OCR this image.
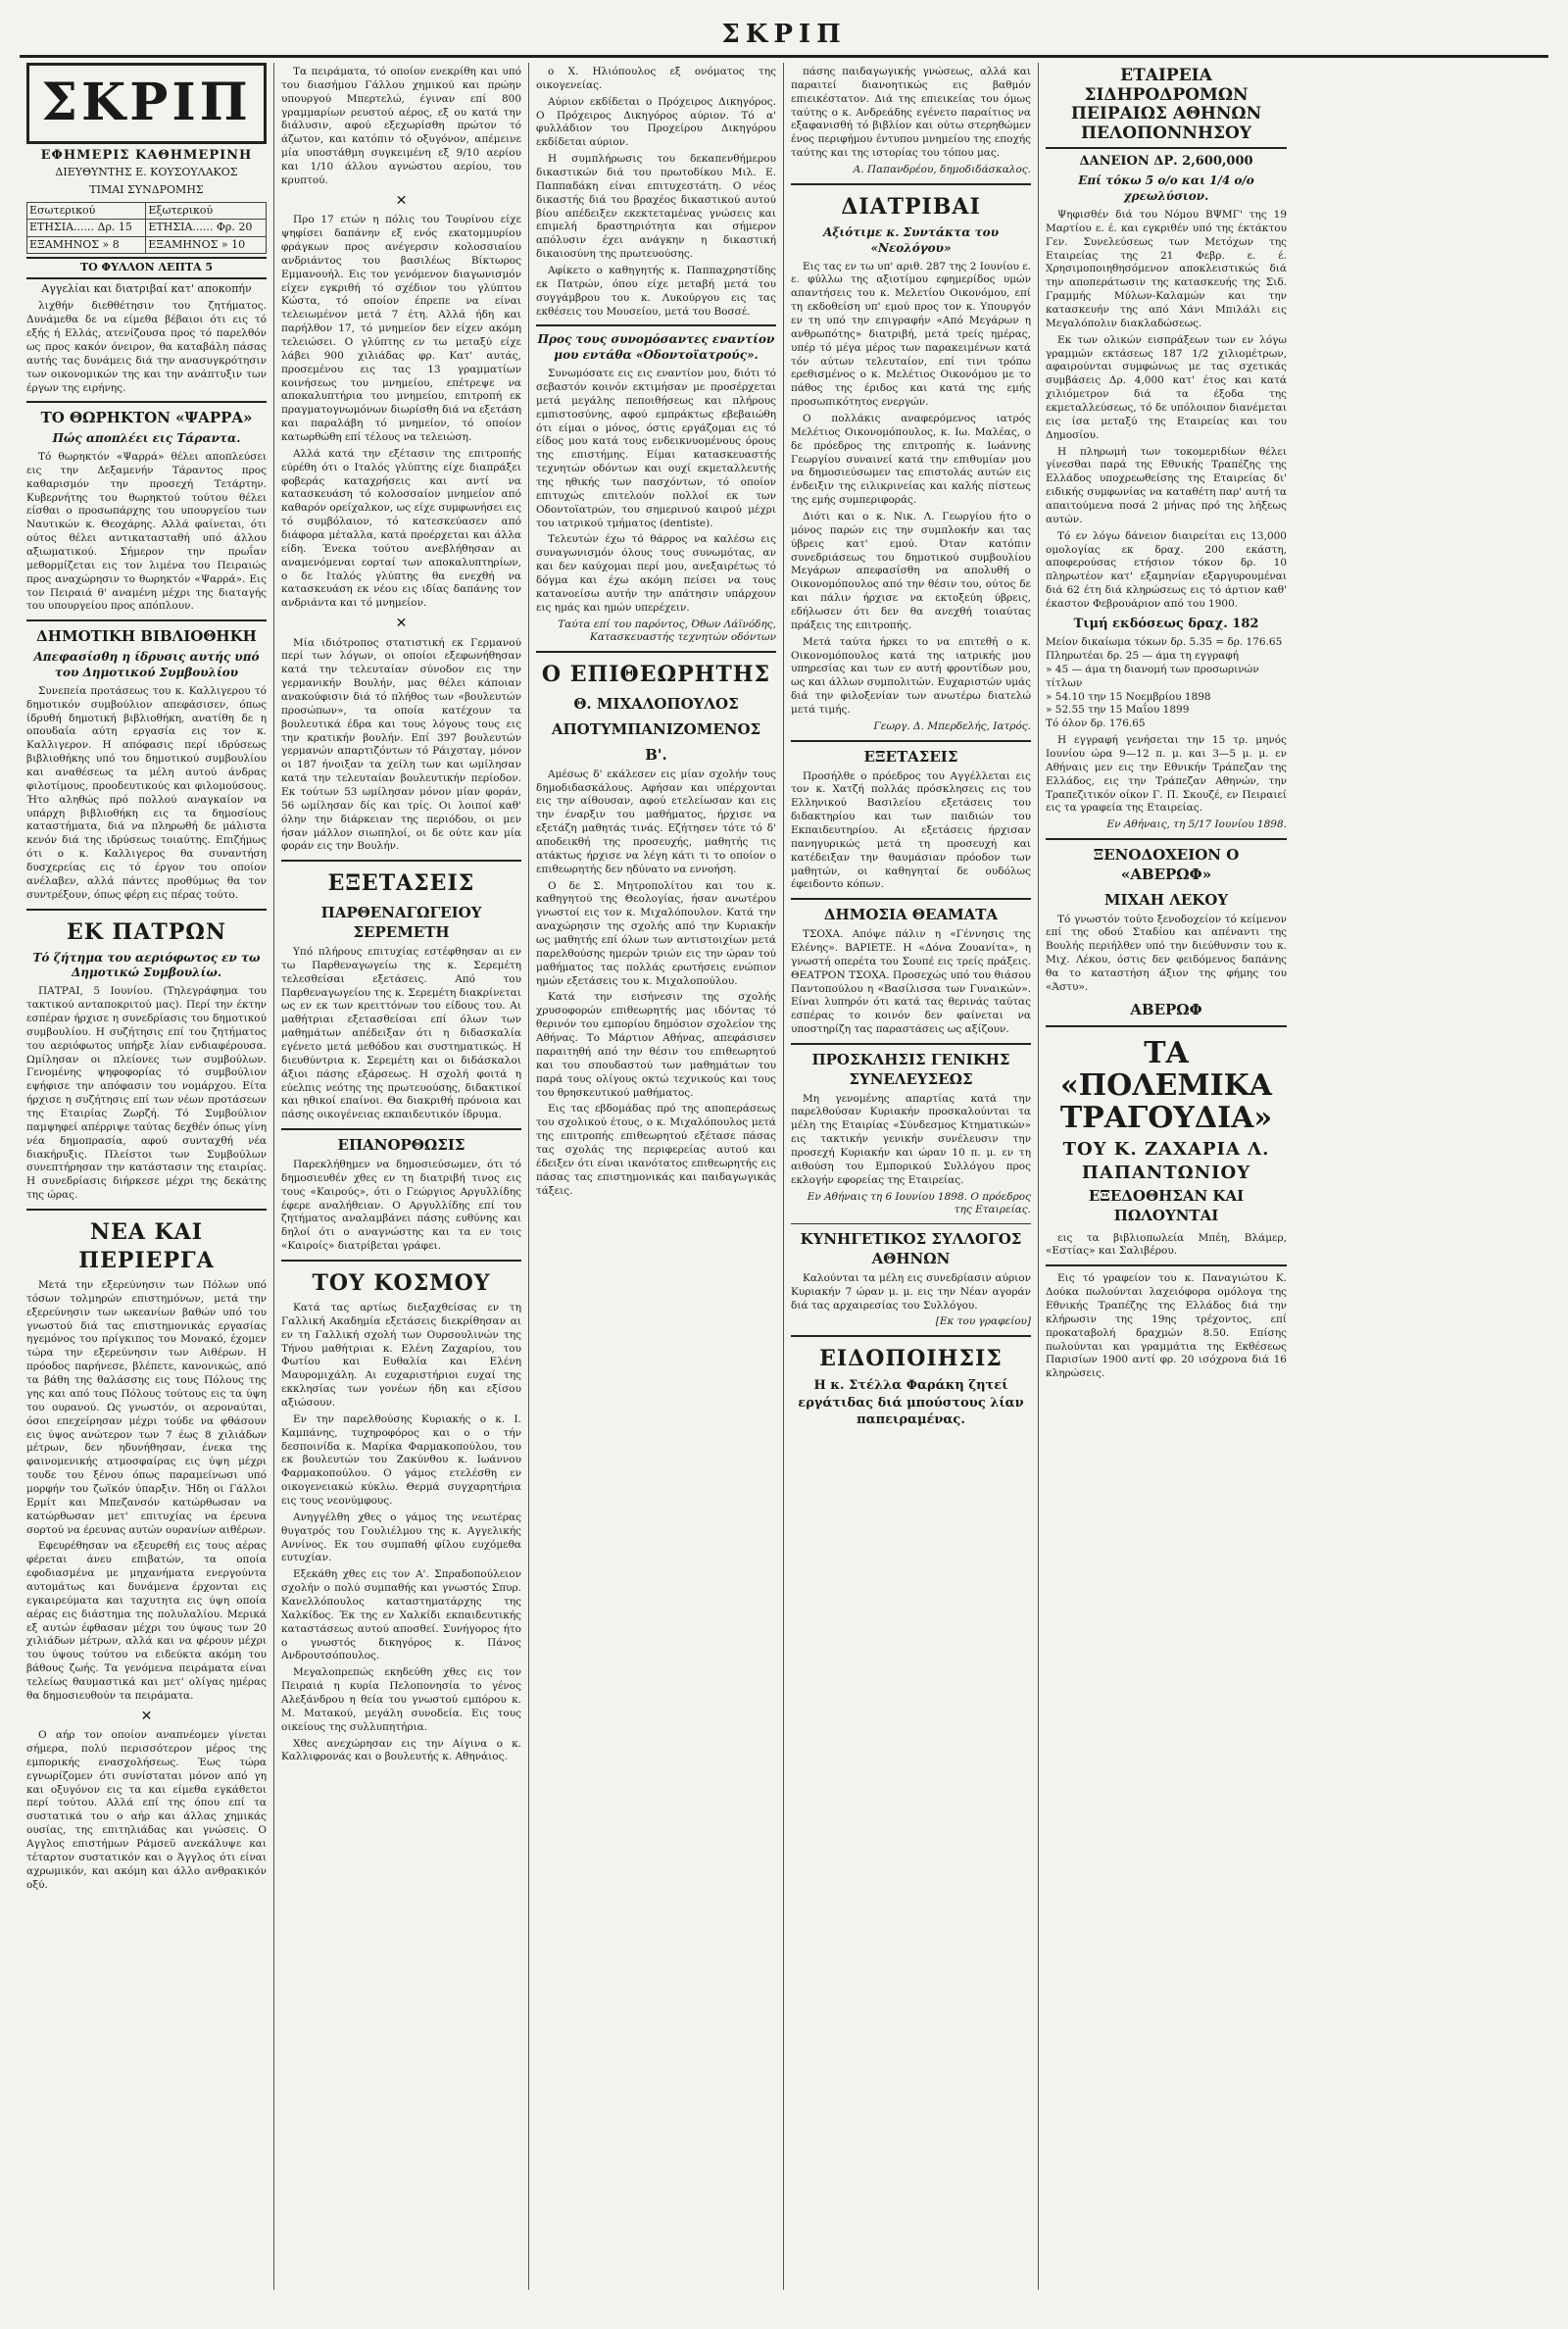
ΣΚΡΙΠ
ΣΚΡΙΠ
ΕΦΗΜΕΡΙΣ ΚΑΘΗΜΕΡΙΝΗ
ΔΙΕΥΘΥΝΤΗΣ Ε. ΚΟΥΣΟΥΛΑΚΟΣ
ΤΙΜΑΙ ΣΥΝΔΡΟΜΗΣ
Εσωτερικού	Εξωτερικού
ΕΤΗΣΙΑ...... Δρ. 15	ΕΤΗΣΙΑ...... Φρ. 20
ΕΞΑΜΗΝΟΣ » 8	ΕΞΑΜΗΝΟΣ » 10
ΤΟ ΦΥΛΛΟΝ ΛΕΠΤΑ 5
Αγγελίαι και διατριβαί κατ' αποκοπήν

λιχθήν διεθθέτησιν του ζητήματος. Δυνάμεθα δε να είμεθα βέβαιοι ότι εις τό εξής ή Ελλάς, ατενίζουσα προς τό παρελθόν ως προς κακόν όνειρον, θα καταβάλη πάσας αυτής τας δυνάμεις διά την ανασυγκρότησιν των οικονομικών της και την ανάπτυξιν των έργων της ειρήνης.

ΤΟ ΘΩΡΗΚΤΟΝ «ΨΑΡΡΑ»
Πώς απoπλέει εις Τάραντα.

Τό θωρηκτόν «Ψαρρά» θέλει αποπλεύσει εις την Δεξαμενήν Τάραντος προς καθαρισμόν την προσεχή Τετάρτην. Κυβερνήτης του θωρηκτού τούτου θέλει είσθαι ο προσωπάρχης του υπουργείου των Ναυτικών κ. Θεοχάρης. Αλλά φαίνεται, ότι ούτος θέλει αντικατασταθή υπό άλλου αξιωματικού. Σήμερον την πρωΐαν μεθορμίζεται εις τον λιμένα του Πειραιώς προς αναχώρησιν το θωρηκτόν «Ψαρρά». Εις τον Πειραιά θ' αναμένη μέχρι της διαταγής του υπουργείου προς απόπλουν.

ΔΗΜΟΤΙΚΗ ΒΙΒΛΙΟΘΗΚΗ
Απεφασίσθη η ίδρυσις αυτής υπό του Δημοτικού Συμβουλίου

Συνεπεία προτάσεως του κ. Καλλιγερου τό δημοτικόν συμβούλιον απεφάσισεν, όπως ίδρυθή δημοτική βιβλιοθήκη, ανατίθη δε η οπουδαία αύτη εργασία εις τον κ. Καλλιγερον. Η απόφασις περί ιδρύσεως βιβλιοθήκης υπό του δημοτικού συμβουλίου και αναθέσεως τα μέλη αυτού άνδρας φιλοτίμους, προοδευτικούς και φιλομούσους. Ήτο αληθώς πρό πολλού αναγκαίον να υπάρχη βιβλιοθήκη εις τα δημοσίους καταστήματα, διά να πληρωθή δε μάλιστα κενόν διά της ιδρύσεως τοιαύτης. Επιζήμως ότι ο κ. Καλλιγερος θα συναντήση δυσχερείας εις τό έργον του οποίον ανέλαβεν, αλλά πάντες προθύμως θα τον συντρέξουν, όπως φέρη εις πέρας τούτο.

ΕΚ ΠΑΤΡΩΝ
Τό ζήτημα του αεριόφωτος εν τω Δημοτικώ Συμβουλίω.

ΠΑΤΡΑΙ, 5 Ιουνίου. (Τηλεγράφημα του τακτικού ανταποκριτού μας). Περί την έκτην εσπέραν ήρχισε η συνεδρίασις του δημοτικού συμβουλίου. Η συζήτησις επί του ζητήματος του αεριόφωτος υπήρξε λίαν ενδιαφέρουσα. Ωμίλησαν οι πλείονες των συμβούλων. Γενομένης ψηφοφορίας τό συμβούλιον εψήφισε την απόφασιν του νομάρχου. Είτα ήρχισε η συζήτησις επί των νέων προτάσεων της Εταιρίας Ζωρζή. Τό Συμβούλιον παμψηφεί απέρριψε ταύτας δεχθέν όπως γίνη νέα δημοπρασία, αφού συνταχθή νέα διακήρυξις. Πλείστοι των Συμβούλων συνεπτήρησαν την κατάστασιν της εταιρίας. Η συνεδρίασις διήρκεσε μέχρι της δεκάτης της ώρας.

ΝΕΑ ΚΑΙ ΠΕΡΙΕΡΓΑ

Μετά την εξερεύνησιν των Πόλων υπό τόσων τολμηρών επιστημόνων, μετά την εξερεύνησιν των ωκεανίων βαθών υπό του γνωστού διά τας επιστημονικάς εργασίας ηγεμόνος του πρίγκιπος του Μονακό, έχομεν τώρα την εξερεύνησιν των Αιθέρων. Η πρόοδος παρήνεσε, βλέπετε, κανονικώς, από τα βάθη της θαλάσσης εις τους Πόλους της γης και από τους Πόλους τούτους εις τα ύψη του ουρανού. Ως γνωστόν, οι αεροναύται, όσοι επεχείρησαν μέχρι τούδε να φθάσουν εις ύψος ανώτερον των 7 έως 8 χιλιάδων μέτρων, δεν ηδυνήθησαν, ένεκα της φαινομενικής ατμοσφαίρας εις ύψη μέχρι τουδε του ξένου όπως παραμείνωσι υπό μορφήν του ζωϊκόν ύπαρξιν. Ήδη οι Γάλλοι Ερμίτ και Μπεζανσόν κατώρθωσαν να κατώρθωσαν μετ' επιτυχίας να έρευνα σορτού να έρευνας αυτών ουρανίων αιθέρων.

Εφευρέθησαν να εξευρεθή εις τους αέρας φέρεται άνευ επιβατών, τα οποία εφοδιασμένα με μηχανήματα ενεργούντα αυτομάτως και δυνάμενα έρχονται εις εγκαιρεύματα και ταχυτητα εις ύψη οποία αέρας εις διάστημα της πολυλαλίου. Μερικά εξ αυτών έφθασαν μέχρι του ύψους των 20 χιλιάδων μέτρων, αλλά και να φέρουν μέχρι του ύψους τούτου να ειδεύκτα ακόμη του βάθους ζωής. Τα γενόμενα πειράματα είναι τελείως θαυμαστικά και μετ' ολίγας ημέρας θα δημοσιευθούν τα πειράματα.

✕

Ο αήρ τον οποίον αναπνέομεν γίνεται σήμερα, πολύ περισσότερον μέρος της εμπορικής ενασχολήσεως. Έως τώρα εγνωρίζομεν ότι συνίσταται μόνον από γη και οξυγόνον εις τα και είμεθα εγκάθετοι περί τούτου. Αλλά επί της όπου επί τα συστατικά του ο αήρ και άλλας χημικάς ουσίας, της επιτηλιάδας και γνώσεις. Ο Αγγλος επιστήμων Ράμσεϋ ανεκάλυψε και τέταρτον συστατικόν και ο Άγγλος ότι είναι αχρωμικόν, και ακόμη και άλλο ανθρακικόν οξύ.

Τα πειράματα, τό οποίον ενεκρίθη και υπό του διασήμου Γάλλου χημικού και πρώην υπουργού Μπερτελώ, έγιναν επί 800 γραμμαρίων ρευστού αέρος, εξ ου κατά την διάλυσιν, αφού εξεχωρίσθη πρώτον τό άζωτον, και κατόπιν τό οξυγόνον, απέμεινε μία υποστάθμη συγκειμένη εξ 9/10 αερίου και 1/10 άλλου αγνώστου αερίου, του κρυπτού.

✕

Προ 17 ετών η πόλις του Τουρίνου είχε ψηφίσει δαπάνην εξ ενός εκατομμυρίου φράγκων προς ανέγερσιν κολοσσιαίου ανδριάντος του βασιλέως Βίκτωρος Εμμανουήλ. Εις τον γενόμενον διαγωνισμόν είχεν εγκριθή τό σχέδιον του γλύπτου Κώστα, τό οποίον έπρεπε να είναι τελειωμένον μετά 7 έτη. Αλλά ήδη και παρήλθον 17, τό μνημείον δεν είχεν ακόμη τελειώσει. Ο γλύπτης εν τω μεταξύ είχε λάβει 900 χιλιάδας φρ. Κατ' αυτάς, προσεμένου εις τας 13 γραμματίων κοινήσεως του μνημείου, επέτρεψε να αποκαλυπτήρια του μνημείου, επιτροπή εκ πραγματογνωμόνων διωρίσθη διά να εξετάση και παραλάβη τό μνημείον, τό οποίον κατωρθώθη επί τέλους να τελειώση.

Αλλά κατά την εξέτασιν της επιτροπής εύρέθη ότι ο Ιταλός γλύπτης είχε διαπράξει φοβεράς καταχρήσεις και αντί να κατασκευάση τό κολοσσαίον μνημείον από καθαρόν ορείχαλκον, ως είχε συμφωνήσει εις τό συμβόλαιον, τό κατεσκεύασεν από διάφορα μέταλλα, κατά προέρχεται και άλλα είδη. Ένεκα τούτου ανεβλήθησαν αι αναμενόμεναι εορταί των αποκαλυπτηρίων, ο δε Ιταλός γλύπτης θα ενεχθή να κατασκευάση εκ νέου εις ιδίας δαπάνης τον ανδριάντα και τό μνημείον.

✕

Μία ιδιότροπος στατιστική εκ Γερμανού περί των λόγων, οι οποίοι εξεφωνήθησαν κατά την τελευταίαν σύνοδον εις την γερμανικήν Βουλήν, μας θέλει κάποιαν ανακούφισιν διά τό πλήθος των «βουλευτών προσώπων», τα οποία κατέχουν τα βουλευτικά έδρα και τους λόγους τους εις την κρατικήν βουλήν. Επί 397 βουλευτών γερμανών απαρτιζόντων τό Ράιχσταγ, μόνον οι 187 ήνοιξαν τα χείλη των και ωμίλησαν κατά την τελευταίαν βουλευτικήν περίοδον. Εκ τούτων 53 ωμίλησαν μόνον μίαν φοράν, 56 ωμίλησαν δίς και τρίς. Οι λοιποί καθ' όλην την διάρκειαν της περιόδου, οι μεν ήσαν μάλλον σιωπηλοί, οι δε ούτε καν μία φοράν εις την Βουλήν.

ΕΞΕΤΑΣΕΙΣ
ΠΑΡΘΕΝΑΓΩΓΕΙΟΥ ΣΕΡΕΜΕΤΗ

Υπό πλήρους επιτυχίας εστέφθησαν αι εν τω Παρθεναγωγείω της κ. Σερεμέτη τελεσθείσαι εξετάσεις. Από του Παρθεναγωγείου της κ. Σερεμέτη διακρίνεται ως εν εκ των κρειττόνων του είδους του. Αι μαθήτριαι εξετασθείσαι επί όλων των μαθημάτων απέδειξαν ότι η διδασκαλία εγένετο μετά μεθόδου και συστηματικώς. Η διευθύντρια κ. Σερεμέτη και οι διδάσκαλοι άξιοι πάσης εξάρσεως. Η σχολή φοιτά η εύελπις νεότης της πρωτευούσης, διδακτικοί και ηθικοί επαίνοι. Θα διακριθή πρόνοια και πάσης οικογένειας εκπαιδευτικόν ίδρυμα.

ΕΠΑΝΟΡΘΩΣΙΣ

Παρεκλήθημεν να δημοσιεύσωμεν, ότι τό δημοσιευθέν χθες εν τη διατριβή τινος εις τους «Καιρούς», ότι ο Γεώργιος Αργυλλίδης έφερε αναλήθειαν. Ο Αργυλλίδης επί του ζητήματος αναλαμβάνει πάσης ευθύνης και δηλοί ότι ο αναγνώστης και τα εν τοις «Καιροίς» διατρίβεται γράφει.

ΤΟΥ ΚΟΣΜΟΥ

Κατά τας αρτίως διεξαχθείσας εν τη Γαλλική Ακαδημία εξετάσεις διεκρίθησαν αι εν τη Γαλλική σχολή των Ουρσουλινών της Τήνου μαθήτριαι κ. Ελένη Ζαχαρίου, του Φωτίου και Ευθαλία και Ελένη Μαυρομιχάλη. Αι ευχαριστήριοι ευχαί της εκκλησίας των γονέων ήδη και εξίσου αξιώσουν.

Εν την παρελθούσης Κυριακής ο κ. Ι. Καμπάνης, τυχηροφόρος και ο ο τήν δεσποινίδα κ. Μαρίκα Φαρμακοπούλου, του εκ βουλευτών του Ζακύνθου κ. Ιωάννου Φαρμακοπούλου. Ο γάμος ετελέσθη εν οικογενειακώ κύκλω. Θερμά συγχαρητήρια εις τους νεονύμφους.

Ανηγγέλθη χθες ο γάμος της νεωτέρας θυγατρός του Γουλιέλμου της κ. Αγγελικής Αννίνος. Εκ του συμπαθή φίλου ευχόμεθα ευτυχίαν.

Εξεκάθη χθες εις τον Α'. Σπραδοπούλειον σχολήν ο πολύ συμπαθής και γνωστός Σπυρ. Κανελλόπουλος καταστηματάρχης της Χαλκίδος. Έκ της εν Χαλκίδι εκπαιδευτικής καταστάσεως αυτού αποσθεί. Συνήγορος ήτο ο γνωστός δικηγόρος κ. Πάνος Ανδρουτσόπουλος.

Μεγαλοπρεπώς εκηδεύθη χθες εις τον Πειραιά η κυρία Πελοπονησία το γένος Αλεξάνδρου η θεία του γνωστού εμπόρου κ. Μ. Ματακού, μεγάλη συνοδεία. Εις τους οικείους της συλλυπητήρια.

Χθες ανεχώρησαν εις την Αίγινα ο κ. Καλλιφρονάς και ο βουλευτής κ. Αθηνάιος.

ο Χ. Ηλιόπουλος εξ ονόματος της οικογενείας.

Αύριον εκδίδεται ο Πρόχειρος Δικηγόρος. Ο Πρόχειρος Δικηγόρος αύριον. Τό α' φυλλάδιον του Προχείρου Δικηγόρου εκδίδεται αύριον.

Η συμπλήρωσις του δεκαπενθήμερου δικαστικών διά του πρωτοδίκου Μιλ. Ε. Παππαδάκη είναι επιτυχεστάτη. Ο νέος δικαστής διά του βραχέος δικαστικού αυτού βίου απέδειξεν εκεκτεταμένας γνώσεις και επιμελή δραστηριότητα και σήμερον απόλυσιν έχει ανάγκην η δικαστική δικαιοσύνη της πρωτευούσης.

Αφίκετο ο καθηγητής κ. Παππαχρηστίδης εκ Πατρών, όπου είχε μεταβή μετά του συγγάμβρου του κ. Λυκούργου εις τας εκθέσεις του Μουσείου, μετά του Βοσσέ.

Προς τους συνομόσαντες εναντίον μου εντάθα «Οδοντοϊατρούς».

Συνωμόσατε εις εις εναντίον μου, διότι τό σεβαστόν κοινόν εκτιμήσαν με προσέρχεται μετά μεγάλης πεποιθήσεως και πλήρους εμπιστοσύνης, αφού εμπράκτως εβεβαιώθη ότι είμαι ο μόνος, όστις εργάζομαι εις τό είδος μου κατά τους ενδεικνυομένους όρους της επιστήμης. Είμαι κατασκευαστής τεχνητών οδόντων και ουχί εκμεταλλευτής της ηθικής των πασχόντων, τό οποίον επιτυχώς επιτελούν πολλοί εκ των Οδοντοϊατρών, του σημερινού καιρού μέχρι του ιατρικού τμήματος (dentiste).

Τελευτών έχω τό θάρρος να καλέσω εις συναγωνισμόν όλους τους συνωμότας, αν και δεν καύχομαι περί μου, ανεξαιρέτως τό δόγμα και έχω ακόμη πείσει να τους κατανοείσω αυτήν την απάτησιν υπάρχουν εις ημάς και ημών υπερέχειν.

Ταύτα επί του παρόντος, Όθων Λάϊνόδης, Κατασκευαστής τεχνητών οδόντων
Ο ΕΠΙΘΕΩΡΗΤΗΣ
Θ. ΜΙΧΑΛΟΠΟΥΛΟΣ
ΑΠΟΤΥΜΠΑΝΙΖΟΜΕΝΟΣ
Β'.

Αμέσως δ' εκάλεσεν εις μίαν σχολήν τους δημοδιδασκάλους. Αφήσαν και υπέρχονται εις την αίθουσαν, αφού ετελείωσαν και εις την έναρξιν του μαθήματος, ήρχισε να εξετάζη μαθητάς τινάς. Εζήτησεν τότε τό δ' αποδεικθή της προσευχής, μαθητής τις ατάκτως ήρχισε να λέγη κάτι τι το οποίον ο επιθεωρητής δεν ηδύνατο να εννοήση.

Ο δε Σ. Μητροπολίτου και του κ. καθηγητού της Θεολογίας, ήσαν ανωτέρου γνωστοί εις τον κ. Μιχαλόπουλον. Κατά την αναχώρησιν της σχολής από την Κυριακήν ως μαθητής επί όλων των αντιστοιχίων μετά παρελθούσης ημερών τριών εις την ώραν τού μαθήματος τας πολλάς ερωτήσεις ενώπιον ημών εξετάσεις του κ. Μιχαλοπούλου.

Κατά την εισήνεσιν της σχολής χρυσοφορών επιθεωρητής μας ιδόντας τό θερινόν του εμπορίου δημόσιον σχολείον της Αθήνας. Το Μάρτιον Αθήνας, απεφάσισεν παραιτηθή από την θέσιν του επιθεωρητού και του σπουδαστού των μαθημάτων του παρά τους ολίγους οκτώ τεχνικούς και τους του θρησκευτικού μαθήματος.

Εις τας εβδομάδας πρό της αποπεράσεως του σχολικού έτους, ο κ. Μιχαλόπουλος μετά της επιτροπής επιθεωρητού εξέτασε πάσας τας σχολάς της περιφερείας αυτού και έδειξεν ότι είναι ικανότατος επιθεωρητής εις πάσας τας επιστημονικάς και παιδαγωγικάς τάξεις.

πάσης παιδαγωγικής γνώσεως, αλλά και παραιτεί διανοητικώς εις βαθμόν επιεικέστατον. Διά της επιεικείας του όμως ταύτης ο κ. Ανδρεάδης εγένετο παραίτιος να εξαφανισθή τό βιβλίον και ούτω στερηθώμεν ένος περιφήμου έντυπου μνημείου της εποχής ταύτης και της ιστορίας του τόπου μας.

Α. Παπανδρέου, δημοδιδάσκαλος.
ΔΙΑΤΡΙΒΑΙ
Αξιότιμε κ. Συντάκτα του «Νεολόγου»

Εις τας εν τω υπ' αριθ. 287 της 2 Ιουνίου ε. ε. φύλλω της αξιοτίμου εφημερίδος υμών απαντήσεις του κ. Μελετίου Οικονόμου, επί τη εκδοθείση υπ' εμού προς τον κ. Υπουργόν εν τη υπό την επιγραφήν «Από Μεγάρων η ανθρωπότης» διατριβή, μετά τρείς ημέρας, υπέρ τό μέγα μέρος των παρακειμένων κατά τόν αύτων τελευταίον, επί τινι τρόπω ερεθισμένος ο κ. Μελέτιος Οικονόμου με το πάθος της έριδος και κατά της εμής προσωπικότητος ενεργών.

Ο πολλάκις αναφερόμενος ιατρός Μελέτιος Οικονομόπουλος, κ. Ιω. Μαλέας, ο δε πρόεδρος της επιτροπής κ. Ιωάννης Γεωργίου συναινεί κατά την επιθυμίαν μου να δημοσιεύσωμεν τας επιστολάς αυτών εις ένδειξιν της ειλικρινείας και καλής πίστεως της εμής συμπεριφοράς.

Διότι και ο κ. Νικ. Λ. Γεωργίου ήτο ο μόνος παρών εις την συμπλοκήν και τας ύβρεις κατ' εμού. Όταν κατόπιν συνεδριάσεως του δημοτικού συμβουλίου Μεγάρων απεφασίσθη να απολυθή ο Οικονομόπουλος από την θέσιν του, ούτος δε και πάλιν ήρχισε να εκτοξεύη ύβρεις, εδήλωσεν ότι δεν θα ανεχθή τοιαύτας πράξεις της επιτροπής.

Μετά ταύτα ήρκει το να επιτεθή ο κ. Οικονομόπουλος κατά της ιατρικής μου υπηρεσίας και των εν αυτή φροντίδων μου, ως και άλλων συμπολιτών. Ευχαριστών υμάς διά την φιλοξενίαν των ανωτέρω διατελώ μετά τιμής.

Γεωργ. Δ. Μπερδελής, Ιατρός.
ΕΞΕΤΑΣΕΙΣ

Προσήλθε ο πρόεδρος του Αγγέλλεται εις τον κ. Χατζή πολλάς πρόσκλησεις εις του Ελληνικού Βασιλείου εξετάσεις του διδακτηρίου και των παιδιών του Εκπαιδευτηρίου. Αι εξετάσεις ήρχισαν πανηγυρικώς μετά τη προσευχή και κατέδειξαν την θαυμάσιαν πρόοδον των μαθητών, οι καθηγηταί δε ουδόλως έφειδοντο κόπων.

ΔΗΜΟΣΙΑ ΘΕΑΜΑΤΑ

ΤΣΟΧΑ. Απόψε πάλιν η «Γέννησις της Ελένης». ΒΑΡΙΕΤΕ. Η «Δόνα Ζουανίτα», η γνωστή οπερέτα του Σουπέ εις τρείς πράξεις. ΘΕΑΤΡΟΝ ΤΣΟΧΑ. Προσεχώς υπό του θιάσου Παντοπούλου η «Βασίλισσα των Γυναικών». Είναι λυπηρόν ότι κατά τας θερινάς ταύτας εσπέρας το κοινόν δεν φαίνεται να υποστηρίζη τας παραστάσεις ως αξίζουν.

ΠΡΟΣΚΛΗΣΙΣ ΓΕΝΙΚΗΣ ΣΥΝΕΛΕΥΣΕΩΣ

Μη γενομένης απαρτίας κατά την παρελθούσαν Κυριακήν προσκαλούνται τα μέλη της Εταιρίας «Σύνδεσμος Κτηματικών» εις τακτικήν γενικήν συνέλευσιν την προσεχή Κυριακήν και ώραν 10 π. μ. εν τη αιθούση του Εμπορικού Συλλόγου προς εκλογήν εφορείας της Εταιρείας.

Εν Αθήναις τη 6 Ιουνίου 1898. Ο πρόεδρος της Εταιρείας.
ΚΥΝΗΓΕΤΙΚΟΣ ΣΥΛΛΟΓΟΣ ΑΘΗΝΩΝ

Καλούνται τα μέλη εις συνεδρίασιν αύριον Κυριακήν 7 ώραν μ. μ. εις την Νέαν αγοράν διά τας αρχαιρεσίας του Συλλόγου.

[Εκ του γραφείου]
ΕΙΔΟΠΟΙΗΣΙΣ
Η κ. Στέλλα Φαράκη ζητεί εργάτιδας διά μπούστους λίαν παπειραμένας.
ΕΤΑΙΡΕΙΑ ΣΙΔΗΡΟΔΡΟΜΩΝ ΠΕΙΡΑΙΩΣ ΑΘΗΝΩΝ ΠΕΛΟΠΟΝΝΗΣΟΥ
ΔΑΝΕΙΟΝ ΔΡ. 2,600,000
Επί τόκω 5 ο/ο και 1/4 ο/ο χρεωλύσιον.

Ψηφισθέν διά του Νόμου ΒΨΜΓ' της 19 Μαρτίου ε. έ. και εγκριθέν υπό της έκτάκτου Γεν. Συνελεύσεως των Μετόχων της Εταιρείας της 21 Φεβρ. ε. έ. Χρησιμοποιηθησόμενον αποκλειστικώς διά την αποπεράτωσιν της κατασκευής της Σιδ. Γραμμής Μύλων-Καλαμών και την κατασκευήν της από Χάνι Μπιλάλι εις Μεγαλόπολιν διακλαδώσεως.

Εκ των ολικών εισπράξεων των εν λόγω γραμμών εκτάσεως 187 1/2 χιλιομέτρων, αφαιρούνται συμφώνως με τας σχετικάς συμβάσεις Δρ. 4,000 κατ' έτος και κατά χιλιόμετρον διά τα έξοδα της εκμεταλλεύσεως, τό δε υπόλοιπον διανέμεται εις ίσα μεταξύ της Εταιρείας και του Δημοσίου.

Η πληρωμή των τοκομεριδίων θέλει γίνεσθαι παρά της Εθνικής Τραπέζης της Ελλάδος υποχρεωθείσης της Εταιρείας δι' ειδικής συμφωνίας να καταθέτη παρ' αυτή τα απαιτούμενα ποσά 2 μήνας πρό της λήξεως αυτών.

Τό εν λόγω δάνειον διαιρείται εις 13,000 ομολογίας εκ δραχ. 200 εκάστη, αποφερούσας ετήσιον τόκον δρ. 10 πληρωτέον κατ' εξαμηνίαν εξαργυρουμέναι διά 62 έτη διά κληρώσεως εις τό άρτιον καθ' έκαστον Φεβρουάριον από του 1900.

Τιμή εκδόσεως δραχ. 182
Μείον δικαίωμα τόκων δρ. 5.35 = δρ. 176.65
Πληρωτέαι δρ. 25 — άμα τη εγγραφή
» 45 — άμα τη διανομή των προσωρινών τίτλων
» 54.10 την 15 Νοεμβρίου 1898
» 52.55 την 15 Μαΐου 1899
Τό όλον δρ. 176.65

Η εγγραφή γενήσεται την 15 τρ. μηνός Ιουνίου ώρα 9—12 π. μ. και 3—5 μ. μ. εν Αθήναις μεν εις την Εθνικήν Τράπεζαν της Ελλάδος, εις την Τράπεζαν Αθηνών, την Τραπεζιτικόν οίκον Γ. Π. Σκουζέ, εν Πειραιεί εις τα γραφεία της Εταιρείας.

Εν Αθήναις, τη 5/17 Ιουνίου 1898.
ΞΕΝΟΔΟΧΕΙΟΝ Ο «ΑΒΕΡΩΦ»
ΜΙΧΑΗ ΛΕΚΟΥ

Τό γνωστόν τούτο ξενοδοχείον τό κείμενον επί της οδού Σταδίου και απέναντι της Βουλής περιήλθεν υπό την διεύθυνσιν του κ. Μιχ. Λέκου, όστις δεν φειδόμενος δαπάνης θα το καταστήση άξιον της φήμης του «Άστυ».

ΑΒΕΡΩΦ
ΤΑ «ΠΟΛΕΜΙΚΑ ΤΡΑΓΟΥΔΙΑ»
ΤΟΥ Κ. ΖΑΧΑΡΙΑ Λ. ΠΑΠΑΝΤΩΝΙΟΥ
ΕΞΕΔΟΘΗΣΑΝ ΚΑΙ ΠΩΛΟΥΝΤΑΙ

εις τα βιβλιοπωλεία Μπέη, Βλάμερ, «Εστίας» και Σαλιβέρου.

Εις τό γραφείον του κ. Παναγιώτου Κ. Δούκα πωλούνται λαχειόφορα ομόλογα της Εθνικής Τραπέζης της Ελλάδος διά την κλήρωσιν της 19ης τρέχοντος, επί προκαταβολή δραχμών 8.50. Επίσης πωλούνται και γραμμάτια της Εκθέσεως Παρισίων 1900 αντί φρ. 20 ισόχρονα διά 16 κληρώσεις.
